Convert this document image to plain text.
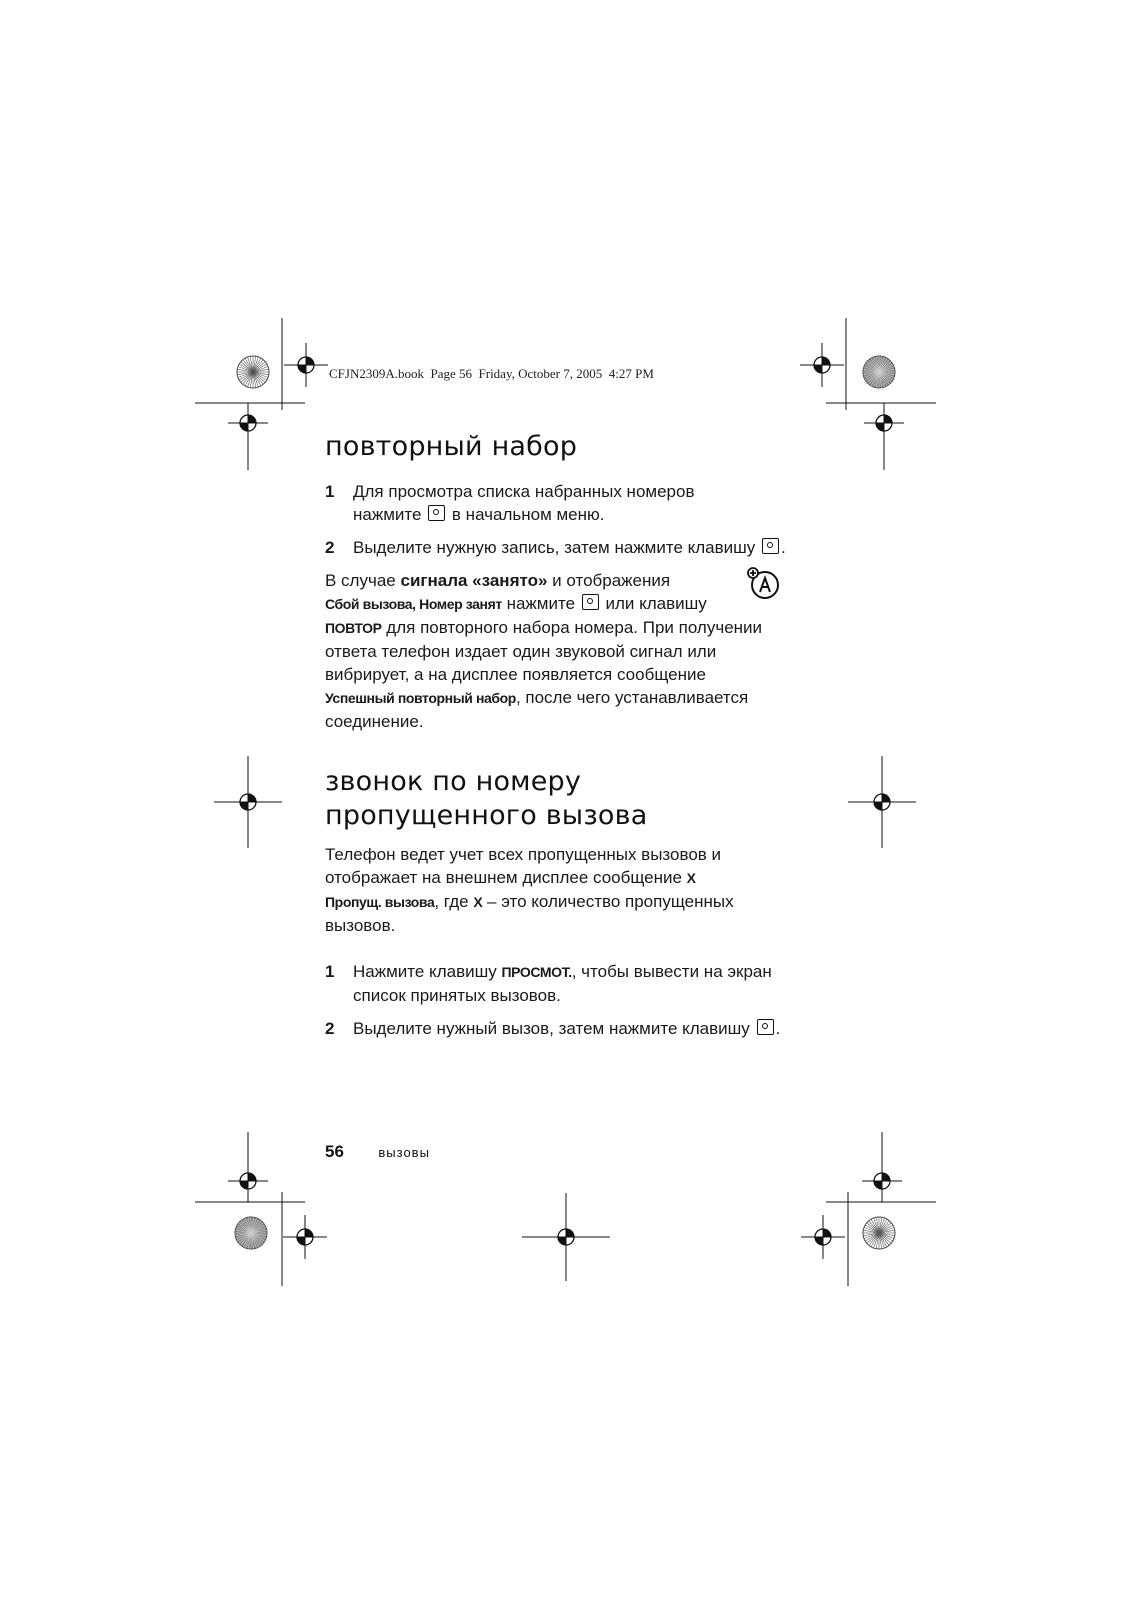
CFJN2309A.book  Page 56  Friday, October 7, 2005  4:27 PM
повторный набор
1 Для просмотра списка набранных номеров
нажмите в начальном меню.
2 Выделите нужную запись, затем нажмите клавишу .
В случае сигнала «занято» и отображения
Сбой вызова, Номер занят нажмите или клавишу
ПОВТОР для повторного набора номера. При получении
ответа телефон издает один звуковой сигнал или
вибрирует, а на дисплее появляется сообщение
Успешный повторный набор, после чего устанавливается
соединение.
звонок по номеру
пропущенного вызова
Телефон ведет учет всех пропущенных вызовов и
отображает на внешнем дисплее сообщение X
Пропущ. вызова, где X – это количество пропущенных
вызовов.
1 Нажмите клавишу ПРОСМОТ., чтобы вывести на экран
список принятых вызовов.
2 Выделите нужный вызов, затем нажмите клавишу .
56	вызовы
